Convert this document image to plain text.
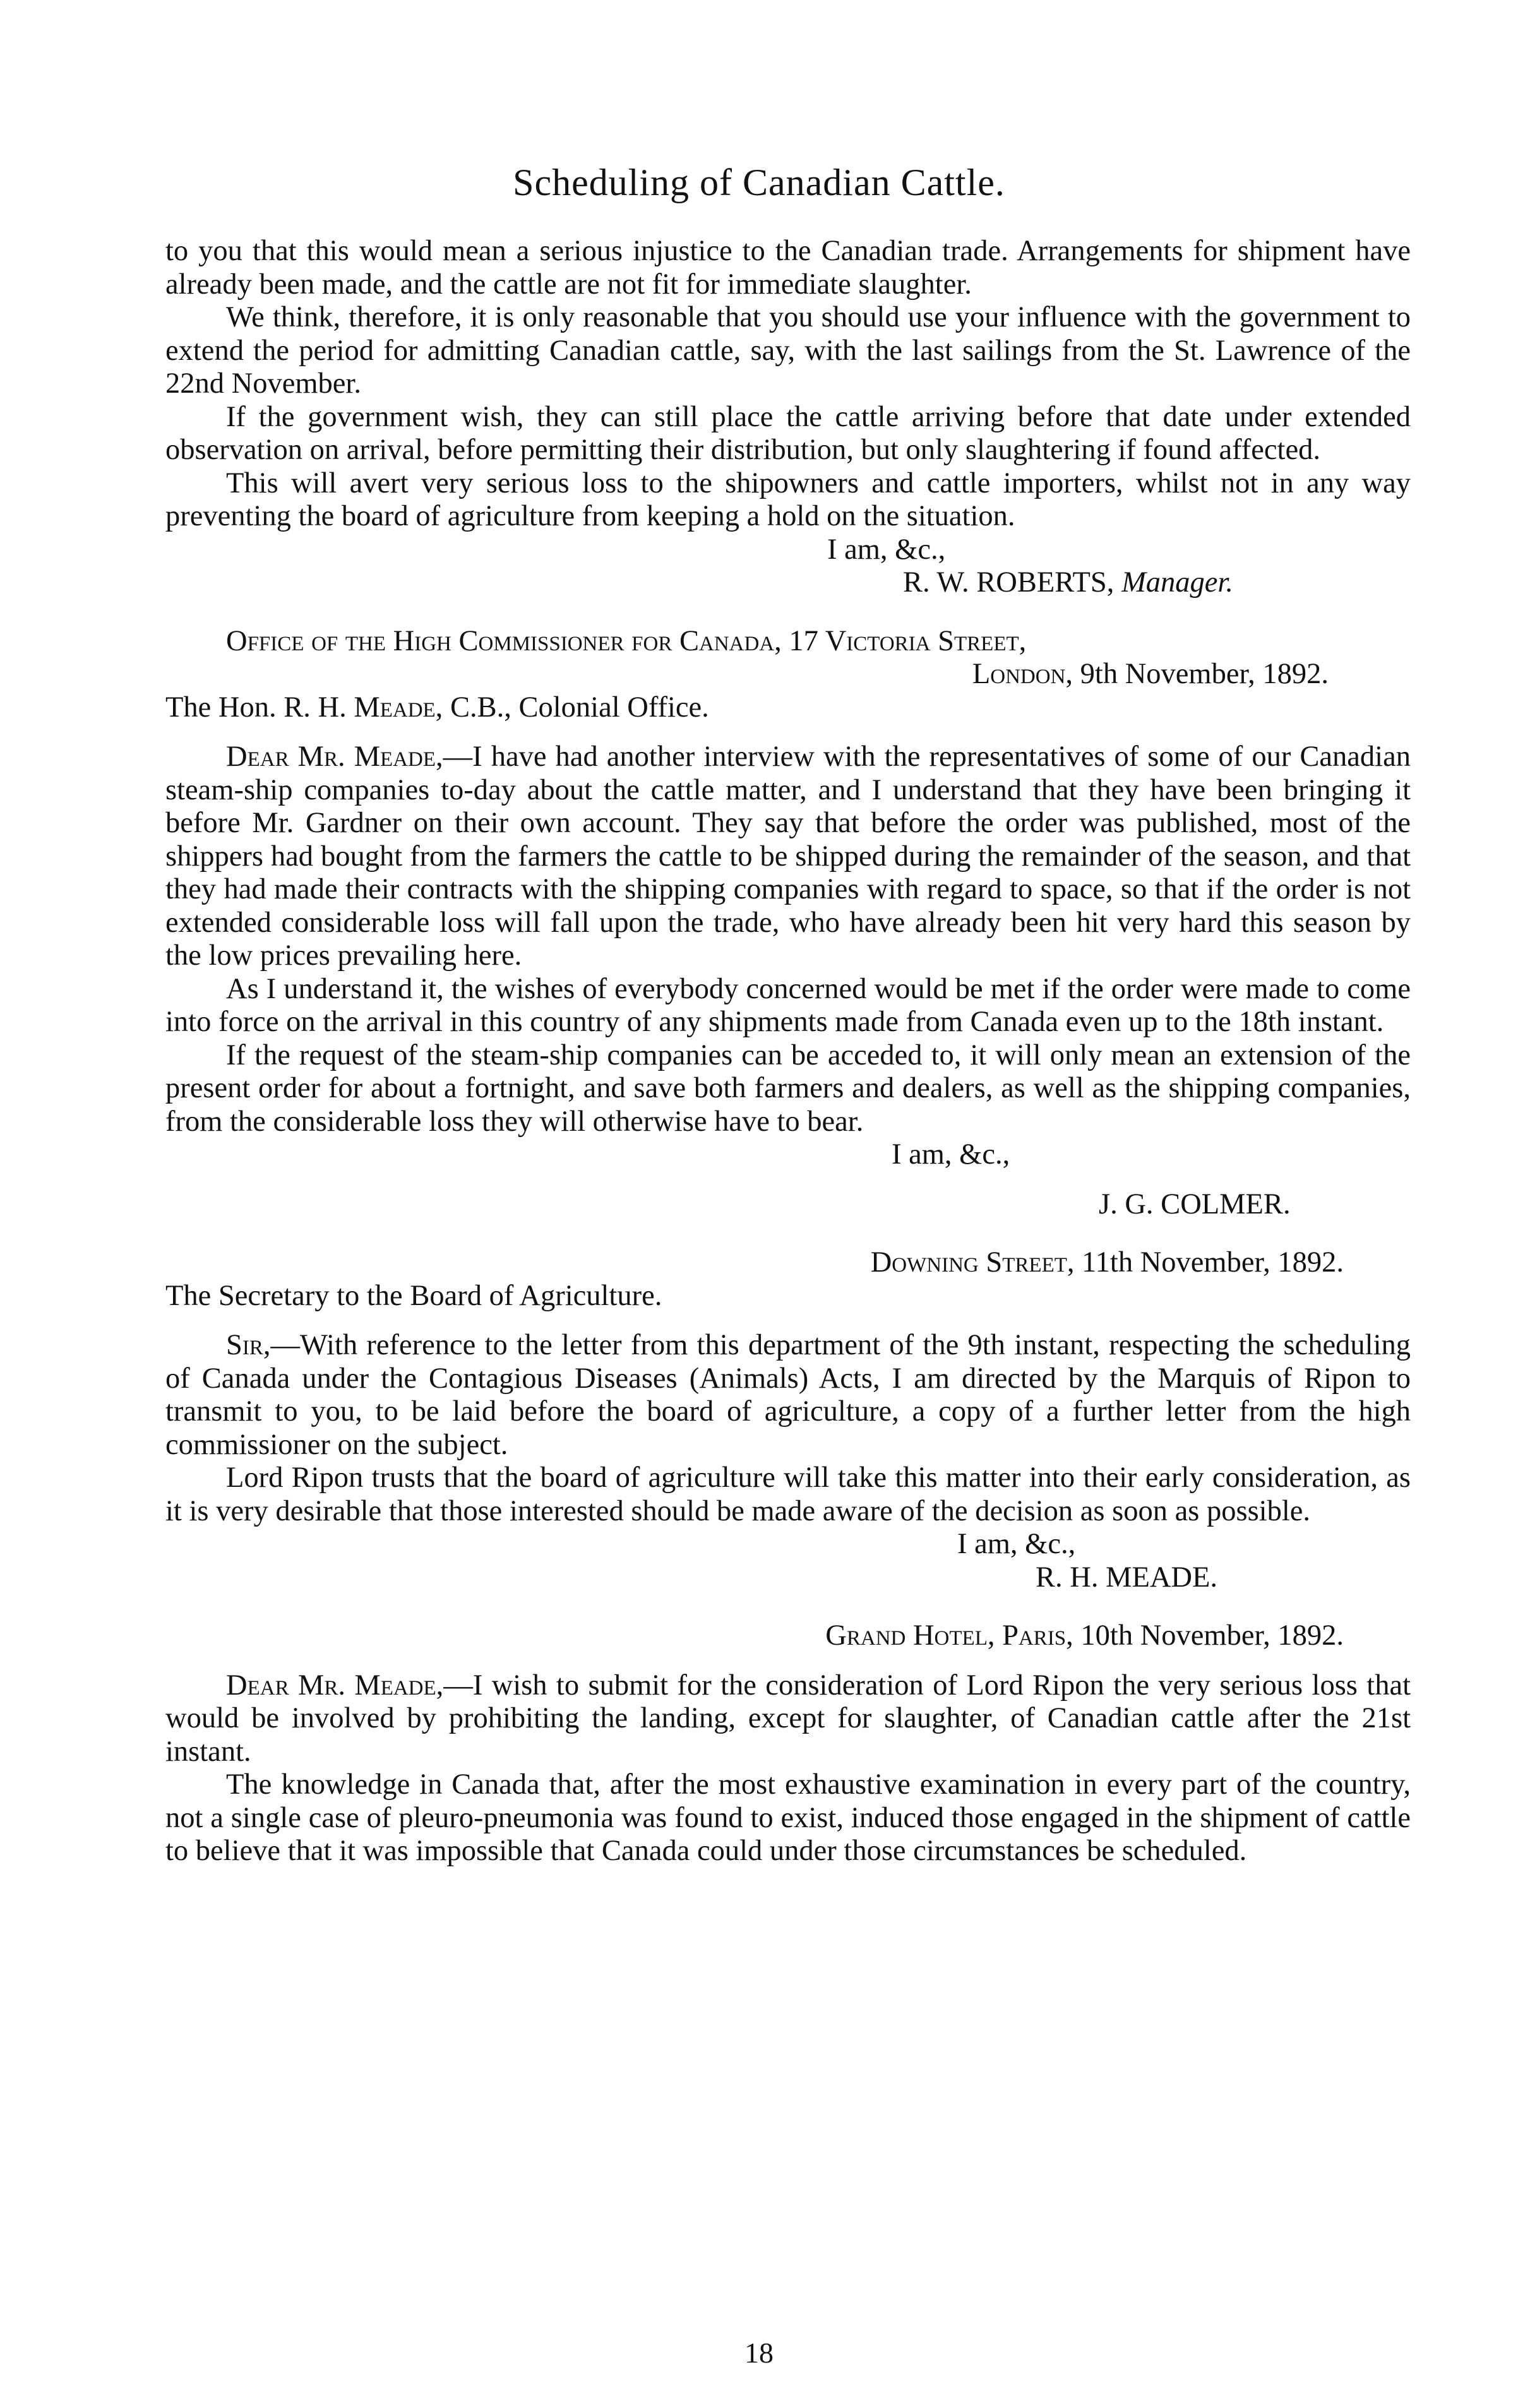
Scheduling of Canadian Cattle.

to you that this would mean a serious injustice to the Canadian trade. Arrangements for shipment have already been made, and the cattle are not fit for immediate slaughter.

We think, therefore, it is only reasonable that you should use your influence with the government to extend the period for admitting Canadian cattle, say, with the last sailings from the St. Lawrence of the 22nd November.

If the government wish, they can still place the cattle arriving before that date under extended observation on arrival, before permitting their distribution, but only slaughtering if found affected.

This will avert very serious loss to the shipowners and cattle importers, whilst not in any way preventing the board of agriculture from keeping a hold on the situation.

I am, &c.,

R. W. ROBERTS, Manager.

Office of the High Commissioner for Canada, 17 Victoria Street,

London, 9th November, 1892.

The Hon. R. H. Meade, C.B., Colonial Office.

Dear Mr. Meade,—I have had another interview with the representatives of some of our Canadian steam-ship companies to-day about the cattle matter, and I understand that they have been bringing it before Mr. Gardner on their own account. They say that before the order was published, most of the shippers had bought from the farmers the cattle to be shipped during the remainder of the season, and that they had made their contracts with the shipping companies with regard to space, so that if the order is not extended considerable loss will fall upon the trade, who have already been hit very hard this season by the low prices prevailing here.

As I understand it, the wishes of everybody concerned would be met if the order were made to come into force on the arrival in this country of any shipments made from Canada even up to the 18th instant.

If the request of the steam-ship companies can be acceded to, it will only mean an extension of the present order for about a fortnight, and save both farmers and dealers, as well as the shipping companies, from the considerable loss they will otherwise have to bear.

I am, &c.,

J. G. COLMER.

Downing Street, 11th November, 1892.

The Secretary to the Board of Agriculture.

Sir,—With reference to the letter from this department of the 9th instant, respecting the scheduling of Canada under the Contagious Diseases (Animals) Acts, I am directed by the Marquis of Ripon to transmit to you, to be laid before the board of agriculture, a copy of a further letter from the high commissioner on the subject.

Lord Ripon trusts that the board of agriculture will take this matter into their early consideration, as it is very desirable that those interested should be made aware of the decision as soon as possible.

I am, &c.,

R. H. MEADE.

Grand Hotel, Paris, 10th November, 1892.

Dear Mr. Meade,—I wish to submit for the consideration of Lord Ripon the very serious loss that would be involved by prohibiting the landing, except for slaughter, of Canadian cattle after the 21st instant.

The knowledge in Canada that, after the most exhaustive examination in every part of the country, not a single case of pleuro-pneumonia was found to exist, induced those engaged in the shipment of cattle to believe that it was impossible that Canada could under those circumstances be scheduled.

18
